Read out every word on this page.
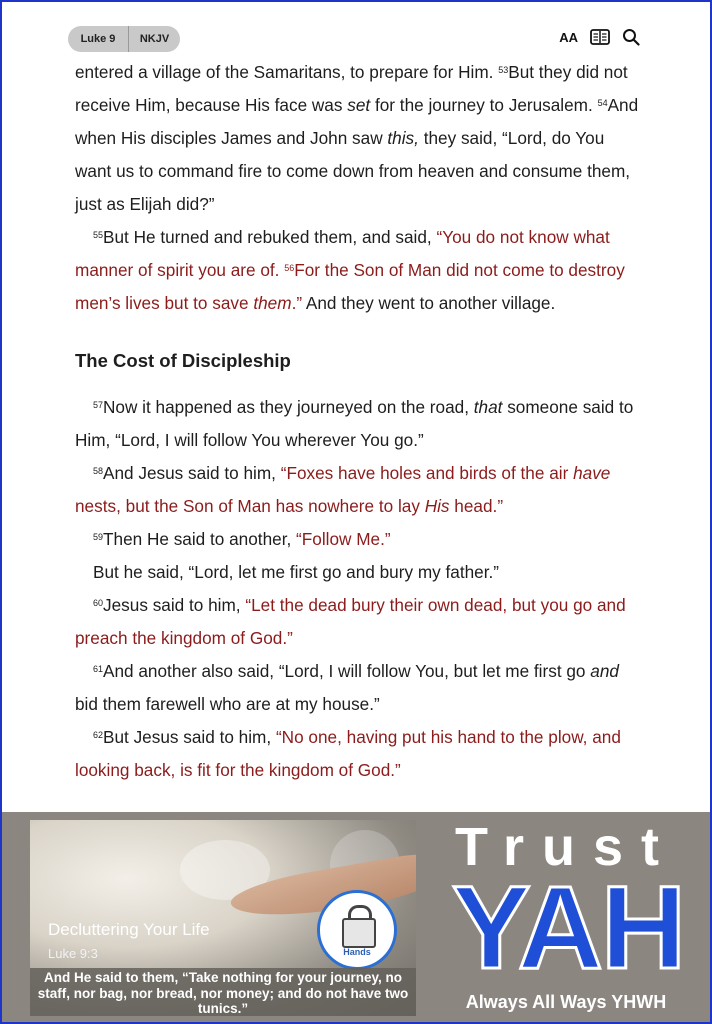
Luke 9	NKJV	AA

entered a village of the Samaritans, to prepare for Him. $^{53}$But they did not receive Him, because His face was set for the journey to Jerusalem. $^{54}$And when His disciples James and John saw this, they said, “Lord, do You want us to command fire to come down from heaven and consume them, just as Elijah did?”

$^{55}$But He turned and rebuked them, and said, “You do not know what manner of spirit you are of. $^{56}$For the Son of Man did not come to destroy men’s lives but to save them.” And they went to another village.

The Cost of Discipleship

$^{57}$Now it happened as they journeyed on the road, that someone said to Him, “Lord, I will follow You wherever You go.”

$^{58}$And Jesus said to him, “Foxes have holes and birds of the air have nests, but the Son of Man has nowhere to lay His head.”

$^{59}$Then He said to another, “Follow Me.”

But he said, “Lord, let me first go and bury my father.”

$^{60}$Jesus said to him, “Let the dead bury their own dead, but you go and preach the kingdom of God.”

$^{61}$And another also said, “Lord, I will follow You, but let me first go and bid them farewell who are at my house.”

$^{62}$But Jesus said to him, “No one, having put his hand to the plow, and looking back, is fit for the kingdom of God.”

Hands
Decluttering Your Life
Luke 9:3
And He said to them, “Take nothing for your journey, no staff, nor bag, nor bread, nor money; and do not have two tunics.”
Trust
YAH
Always All Ways YHWH
